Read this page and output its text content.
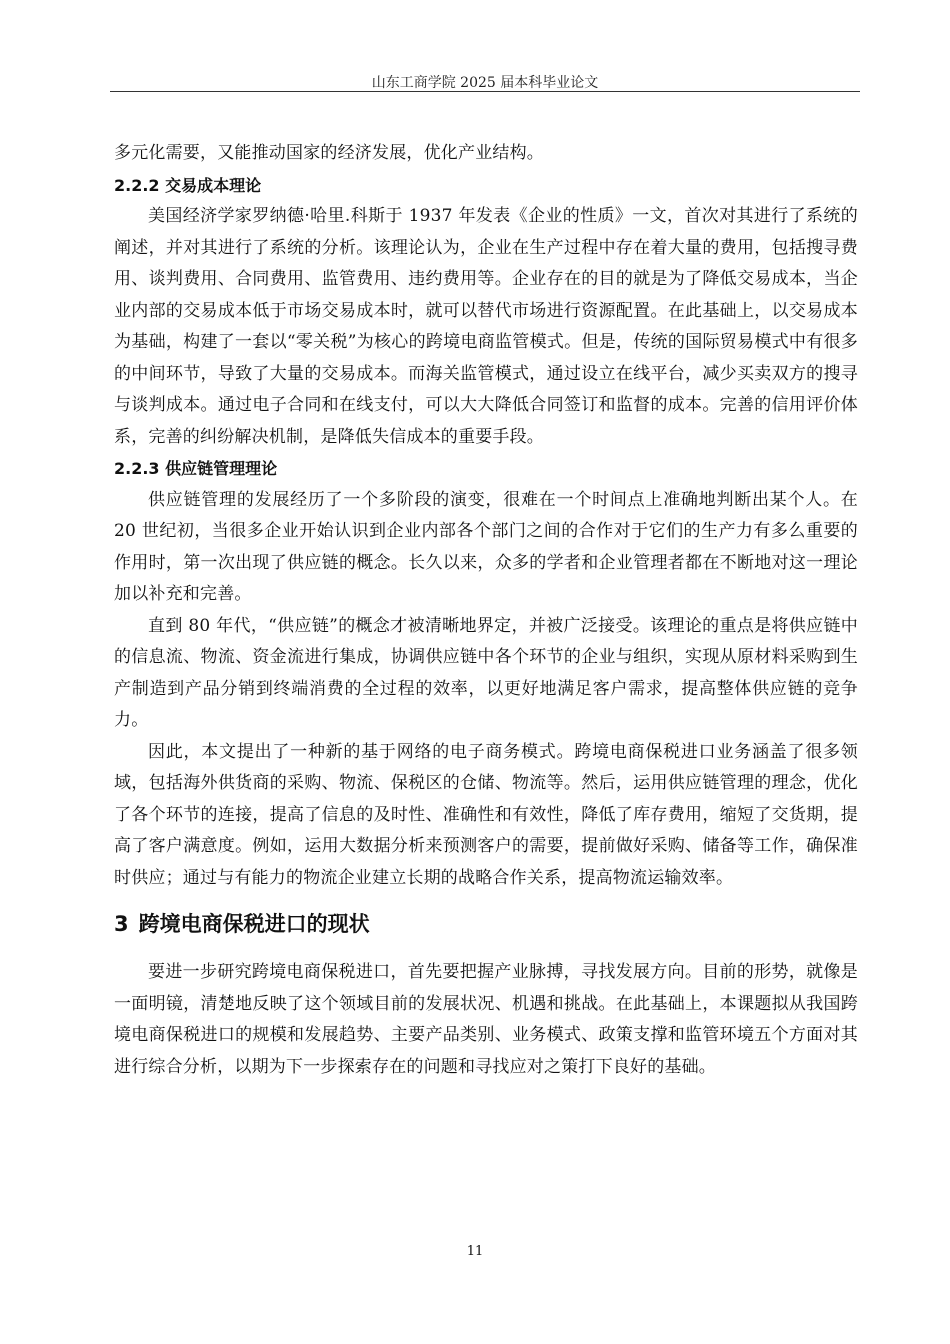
山东工商学院 2025 届本科毕业论文

多元化需要，又能推动国家的经济发展，优化产业结构。

2.2.2 交易成本理论

美国经济学家罗纳德·哈里.科斯于 1937 年发表《企业的性质》一文，首次对其进行了系统的阐述，并对其进行了系统的分析。该理论认为，企业在生产过程中存在着大量的费用，包括搜寻费用、谈判费用、合同费用、监管费用、违约费用等。企业存在的目的就是为了降低交易成本，当企业内部的交易成本低于市场交易成本时，就可以替代市场进行资源配置。在此基础上，以交易成本为基础，构建了一套以“零关税”为核心的跨境电商监管模式。但是，传统的国际贸易模式中有很多的中间环节，导致了大量的交易成本。而海关监管模式，通过设立在线平台，减少买卖双方的搜寻与谈判成本。通过电子合同和在线支付，可以大大降低合同签订和监督的成本。完善的信用评价体系，完善的纠纷解决机制，是降低失信成本的重要手段。

2.2.3 供应链管理理论

供应链管理的发展经历了一个多阶段的演变，很难在一个时间点上准确地判断出某个人。在 20 世纪初，当很多企业开始认识到企业内部各个部门之间的合作对于它们的生产力有多么重要的作用时，第一次出现了供应链的概念。长久以来，众多的学者和企业管理者都在不断地对这一理论加以补充和完善。

直到 80 年代，“供应链”的概念才被清晰地界定，并被广泛接受。该理论的重点是将供应链中的信息流、物流、资金流进行集成，协调供应链中各个环节的企业与组织，实现从原材料采购到生产制造到产品分销到终端消费的全过程的效率，以更好地满足客户需求，提高整体供应链的竞争力。

因此，本文提出了一种新的基于网络的电子商务模式。跨境电商保税进口业务涵盖了很多领域，包括海外供货商的采购、物流、保税区的仓储、物流等。然后，运用供应链管理的理念，优化了各个环节的连接，提高了信息的及时性、准确性和有效性，降低了库存费用，缩短了交货期，提高了客户满意度。例如，运用大数据分析来预测客户的需要，提前做好采购、储备等工作，确保准时供应；通过与有能力的物流企业建立长期的战略合作关系，提高物流运输效率。

3 跨境电商保税进口的现状

要进一步研究跨境电商保税进口，首先要把握产业脉搏，寻找发展方向。目前的形势，就像是一面明镜，清楚地反映了这个领域目前的发展状况、机遇和挑战。在此基础上，本课题拟从我国跨境电商保税进口的规模和发展趋势、主要产品类别、业务模式、政策支撑和监管环境五个方面对其进行综合分析，以期为下一步探索存在的问题和寻找应对之策打下良好的基础。

11
